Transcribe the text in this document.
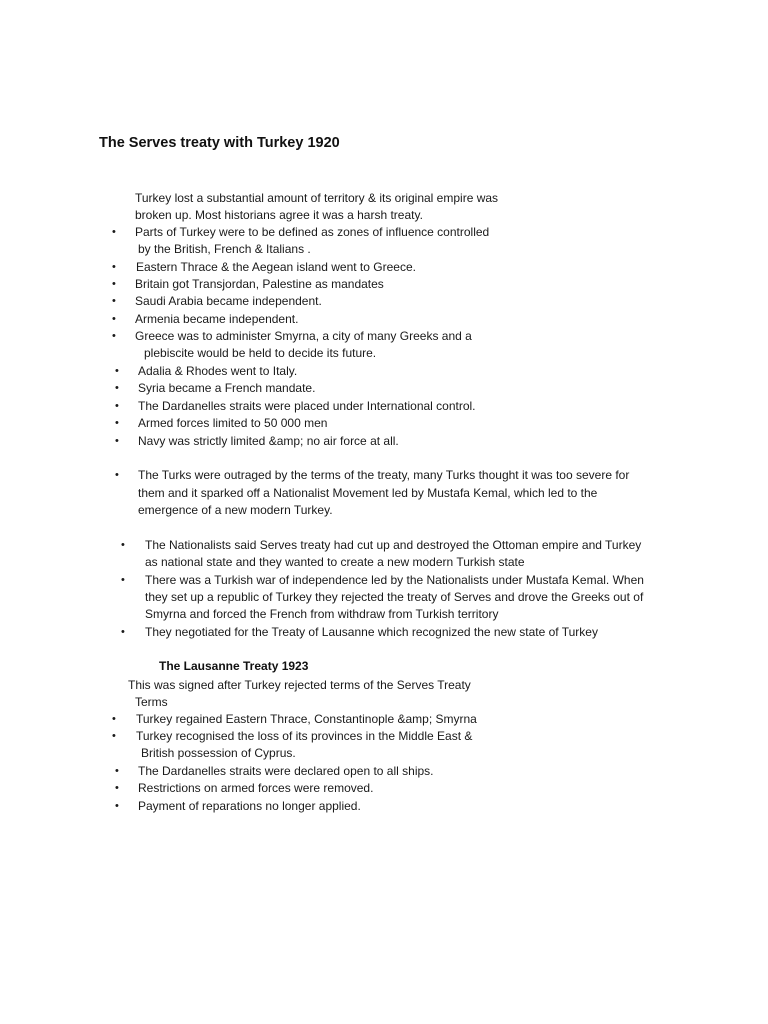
The Serves treaty with Turkey 1920
Turkey lost a substantial amount of territory & its original empire was
broken up. Most historians agree it was a harsh treaty.
• Parts of Turkey were to be defined as zones of influence controlled
by the British, French & Italians .
• Eastern Thrace & the Aegean island went to Greece.
• Britain got Transjordan, Palestine as mandates
• Saudi Arabia became independent.
• Armenia became independent.
• Greece was to administer Smyrna, a city of many Greeks and a
plebiscite would be held to decide its future.
• Adalia & Rhodes went to Italy.
• Syria became a French mandate.
• The Dardanelles straits were placed under International control.
• Armed forces limited to 50 000 men
• Navy was strictly limited &amp; no air force at all.
• The Turks were outraged by the terms of the treaty, many Turks thought it was too severe for
them and it sparked off a Nationalist Movement led by Mustafa Kemal, which led to the
emergence of a new modern Turkey.
• The Nationalists said Serves treaty had cut up and destroyed the Ottoman empire and Turkey
as national state and they wanted to create a new modern Turkish state
• There was a Turkish war of independence led by the Nationalists under Mustafa Kemal. When
they set up a republic of Turkey they rejected the treaty of Serves and drove the Greeks out of
Smyrna and forced the French from withdraw from Turkish territory
• They negotiated for the Treaty of Lausanne which recognized the new state of Turkey
The Lausanne Treaty 1923
This was signed after Turkey rejected terms of the Serves Treaty
Terms
• Turkey regained Eastern Thrace, Constantinople &amp; Smyrna
• Turkey recognised the loss of its provinces in the Middle East &
British possession of Cyprus.
• The Dardanelles straits were declared open to all ships.
• Restrictions on armed forces were removed.
• Payment of reparations no longer applied.
